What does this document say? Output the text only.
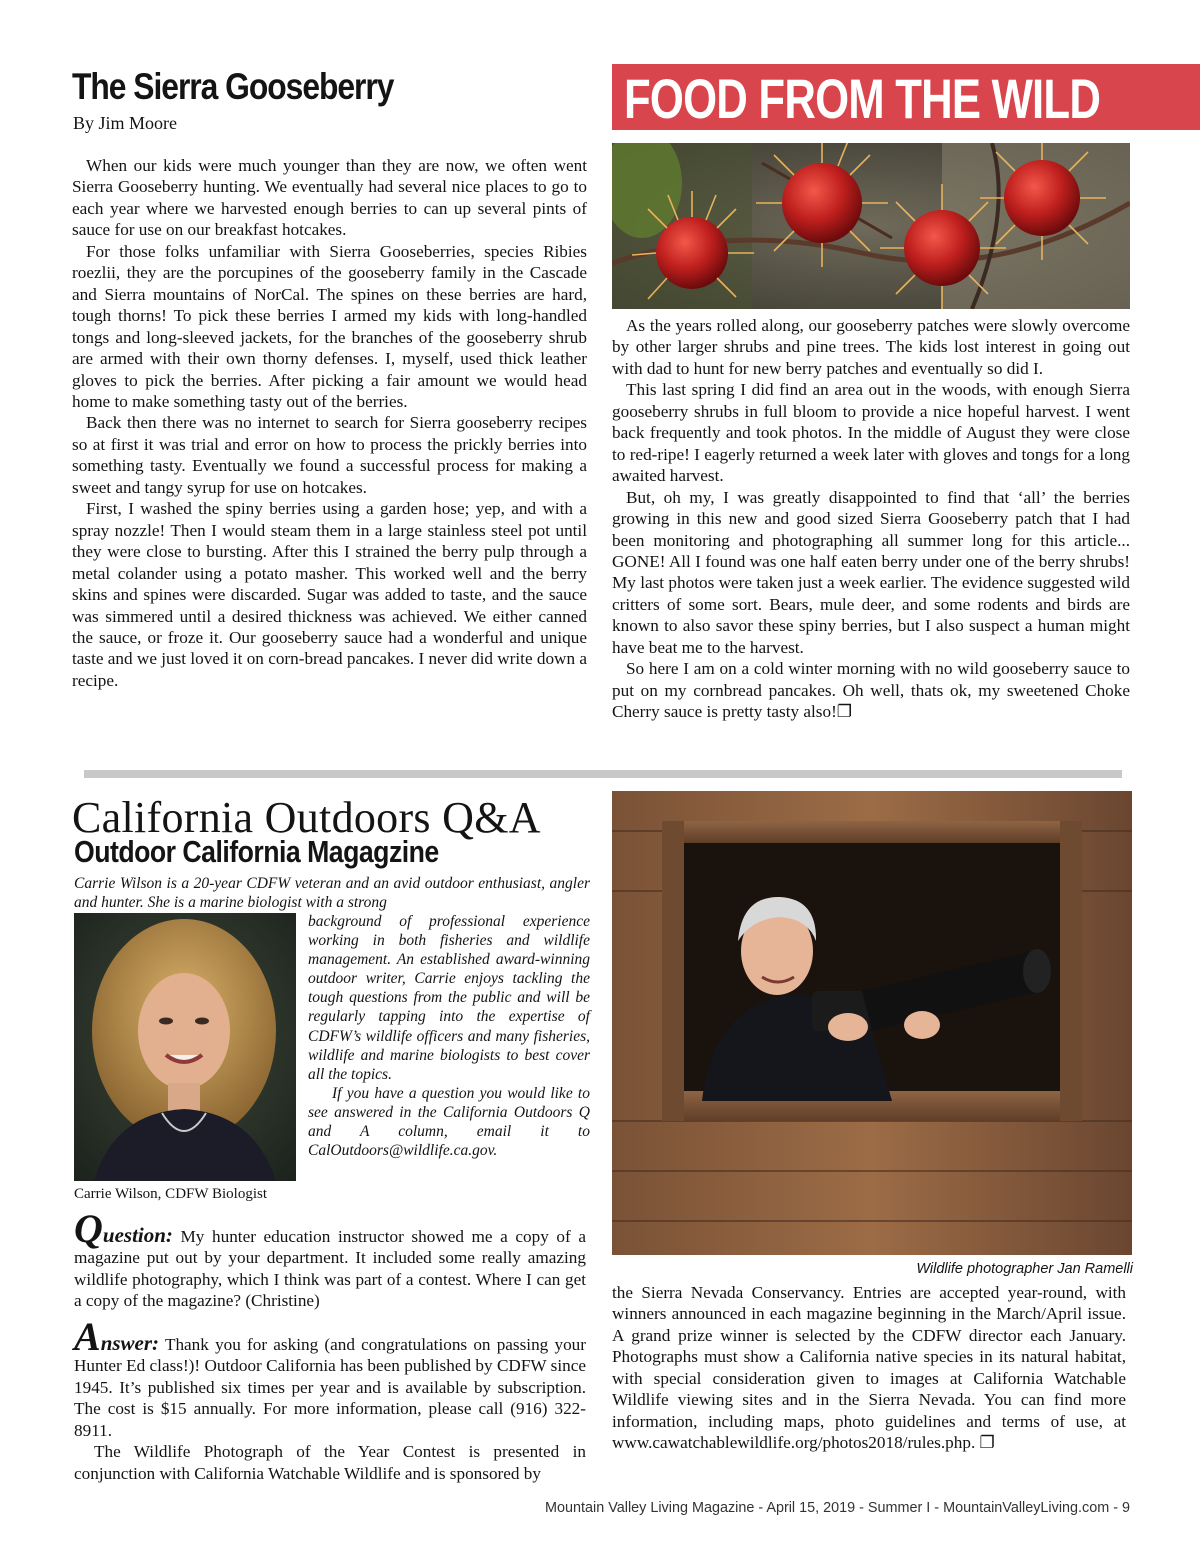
The Sierra Gooseberry
By Jim Moore

When our kids were much younger than they are now, we often went Sierra Gooseberry hunting. We eventually had several nice places to go to each year where we harvested enough berries to can up several pints of sauce for use on our breakfast hotcakes.

For those folks unfamiliar with Sierra Gooseberries, species Ribies roezlii, they are the porcupines of the gooseberry family in the Cascade and Sierra mountains of NorCal. The spines on these berries are hard, tough thorns! To pick these berries I armed my kids with long-handled tongs and long-sleeved jackets, for the branches of the gooseberry shrub are armed with their own thorny defenses. I, myself, used thick leather gloves to pick the berries. After picking a fair amount we would head home to make something tasty out of the berries.

Back then there was no internet to search for Sierra gooseberry recipes so at first it was trial and error on how to process the prickly berries into something tasty. Eventually we found a successful process for making a sweet and tangy syrup for use on hotcakes.

First, I washed the spiny berries using a garden hose; yep, and with a spray nozzle! Then I would steam them in a large stainless steel pot until they were close to bursting. After this I strained the berry pulp through a metal colander using a potato masher. This worked well and the berry skins and spines were discarded. Sugar was added to taste, and the sauce was simmered until a desired thickness was achieved. We either canned the sauce, or froze it. Our gooseberry sauce had a wonderful and unique taste and we just loved it on corn-bread pancakes. I never did write down a recipe.

FOOD FROM THE WILD

As the years rolled along, our gooseberry patches were slowly overcome by other larger shrubs and pine trees. The kids lost interest in going out with dad to hunt for new berry patches and eventually so did I.

This last spring I did find an area out in the woods, with enough Sierra gooseberry shrubs in full bloom to provide a nice hopeful harvest. I went back frequently and took photos. In the middle of August they were close to red-ripe! I eagerly returned a week later with gloves and tongs for a long awaited harvest.

But, oh my, I was greatly disappointed to find that ‘all’ the berries growing in this new and good sized Sierra Gooseberry patch that I had been monitoring and photographing all summer long for this article... GONE! All I found was one half eaten berry under one of the berry shrubs! My last photos were taken just a week earlier. The evidence suggested wild critters of some sort. Bears, mule deer, and some rodents and birds are known to also savor these spiny berries, but I also suspect a human might have beat me to the harvest.

So here I am on a cold winter morning with no wild gooseberry sauce to put on my cornbread pancakes. Oh well, thats ok, my sweetened Choke Cherry sauce is pretty tasty also!❐

California Outdoors Q&A
Outdoor California Magagzine
Carrie Wilson is a 20-year CDFW veteran and an avid outdoor enthusiast, angler and hunter. She is a marine biologist with a strong

background of professional experience working in both fisheries and wildlife management. An established award-winning outdoor writer, Carrie enjoys tackling the tough questions from the public and will be regularly tapping into the expertise of CDFW’s wildlife officers and many fisheries, wildlife and marine biologists to best cover all the topics.

If you have a question you would like to see answered in the California Outdoors Q and A column, email it to CalOutdoors@wildlife.ca.gov.

Carrie Wilson, CDFW Biologist

Question: My hunter education instructor showed me a copy of a magazine put out by your department. It included some really amazing wildlife photography, which I think was part of a contest. Where I can get a copy of the magazine? (Christine)

Answer: Thank you for asking (and congratulations on passing your Hunter Ed class!)! Outdoor California has been published by CDFW since 1945. It’s published six times per year and is available by subscription. The cost is $15 annually. For more information, please call (916) 322-8911.

The Wildlife Photograph of the Year Contest is presented in conjunction with California Watchable Wildlife and is sponsored by

Wildlife photographer Jan Ramelli

the Sierra Nevada Conservancy. Entries are accepted year-round, with winners announced in each magazine beginning in the March/April issue. A grand prize winner is selected by the CDFW director each January. Photographs must show a California native species in its natural habitat, with special consideration given to images at California Watchable Wildlife viewing sites and in the Sierra Nevada. You can find more information, including maps, photo guidelines and terms of use, at www.cawatchablewildlife.org/photos2018/rules.php. ❐

Mountain Valley Living Magazine - April 15, 2019 - Summer I - MountainValleyLiving.com - 9
